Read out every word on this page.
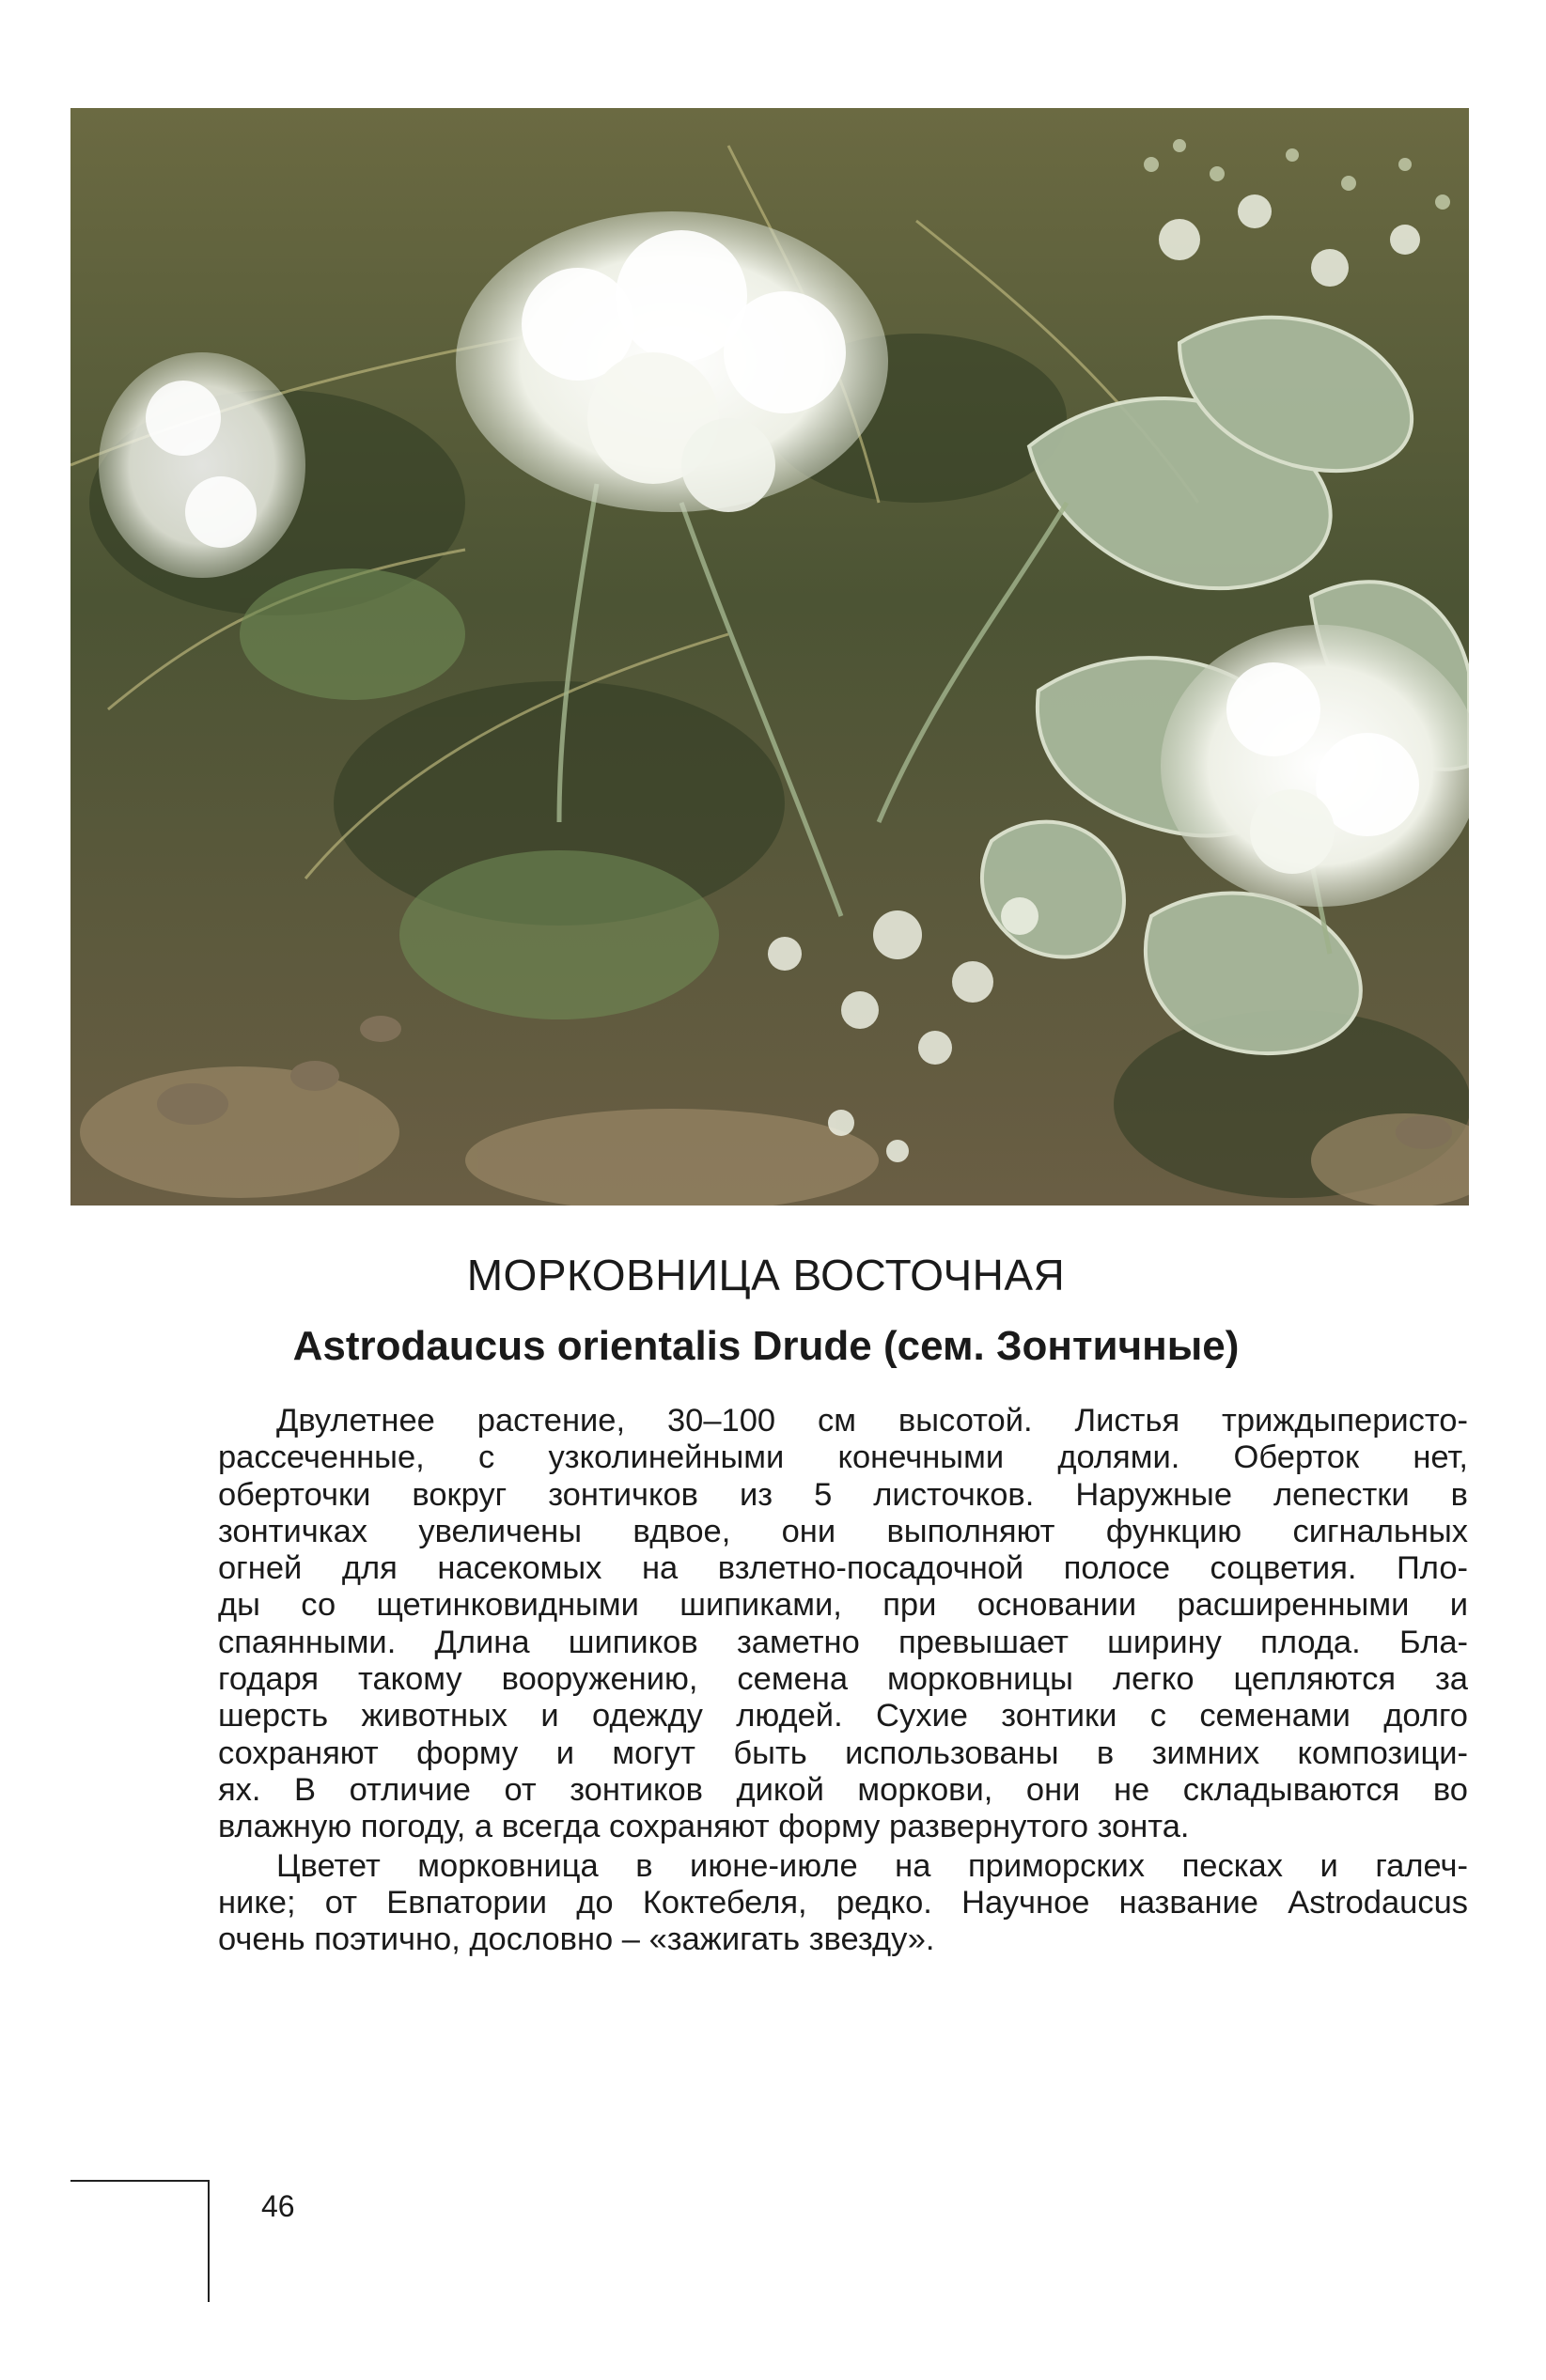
МОРКОВНИЦА ВОСТОЧНАЯ
Astrodaucus orientalis Drude (сем. Зонтичные)
Двулетнее растение, 30–100 см высотой. Листья триждыперисто-
рассеченные, с узколинейными конечными долями. Оберток нет,
оберточки вокруг зонтичков из 5 листочков. Наружные лепестки в
зонтичках увеличены вдвое, они выполняют функцию сигнальных
огней для насекомых на взлетно-посадочной полосе соцветия. Пло-
ды со щетинковидными шипиками, при основании расширенными и
спаянными. Длина шипиков заметно превышает ширину плода. Бла-
годаря такому вооружению, семена морковницы легко цепляются за
шерсть животных и одежду людей. Сухие зонтики с семенами долго
сохраняют форму и могут быть использованы в зимних композици-
ях. В отличие от зонтиков дикой моркови, они не складываются во
влажную погоду, а всегда сохраняют форму развернутого зонта.
Цветет морковница в июне-июле на приморских песках и галеч-
нике; от Евпатории до Коктебеля, редко. Научное название Astrodaucus
очень поэтично, дословно – «зажигать звезду».
46
